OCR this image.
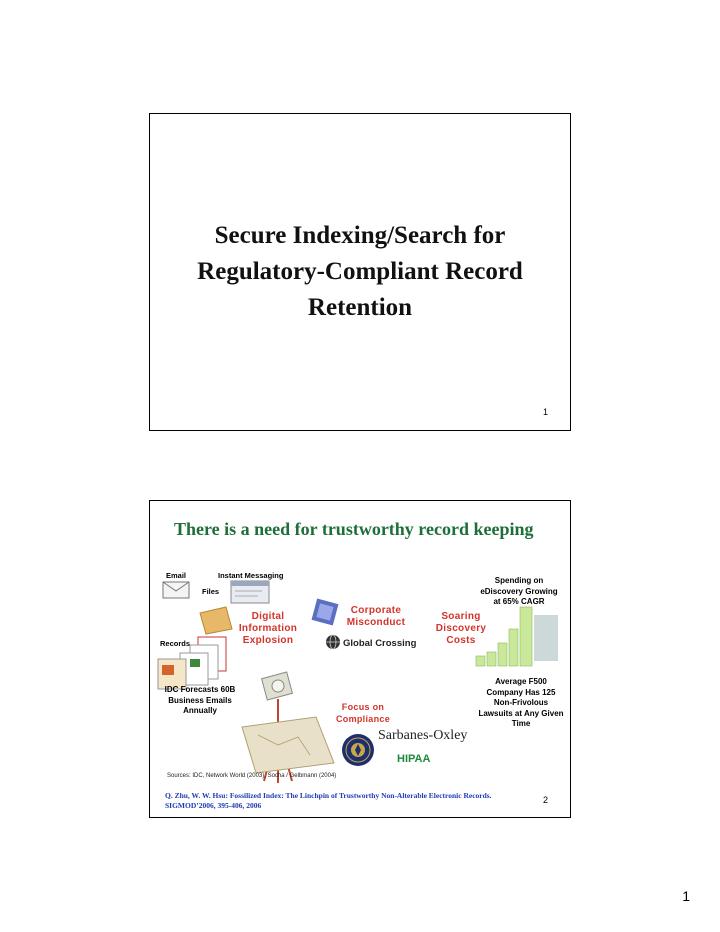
Secure Indexing/Search for
Regulatory-Compliant Record
Retention
1
There is a need for trustworthy record keeping
Email	Instant Messaging
Files
Records
Digital Information Explosion
Corporate Misconduct
Soaring Discovery Costs
Global Crossing
Spending on eDiscovery Growing at 65% CAGR
IDC Forecasts 60B Business Emails Annually	Focus on Compliance
Sarbanes-Oxley
HIPAA
Average F500 Company Has 125 Non-Frivolous Lawsuits at Any Given Time
Sources: IDC, Network World (2003), Socha / Gelbmann (2004)
Q. Zhu, W. W. Hsu: Fossilized Index: The Linchpin of Trustworthy Non-Alterable Electronic Records. SIGMOD’2006, 395-406, 2006
2
1
